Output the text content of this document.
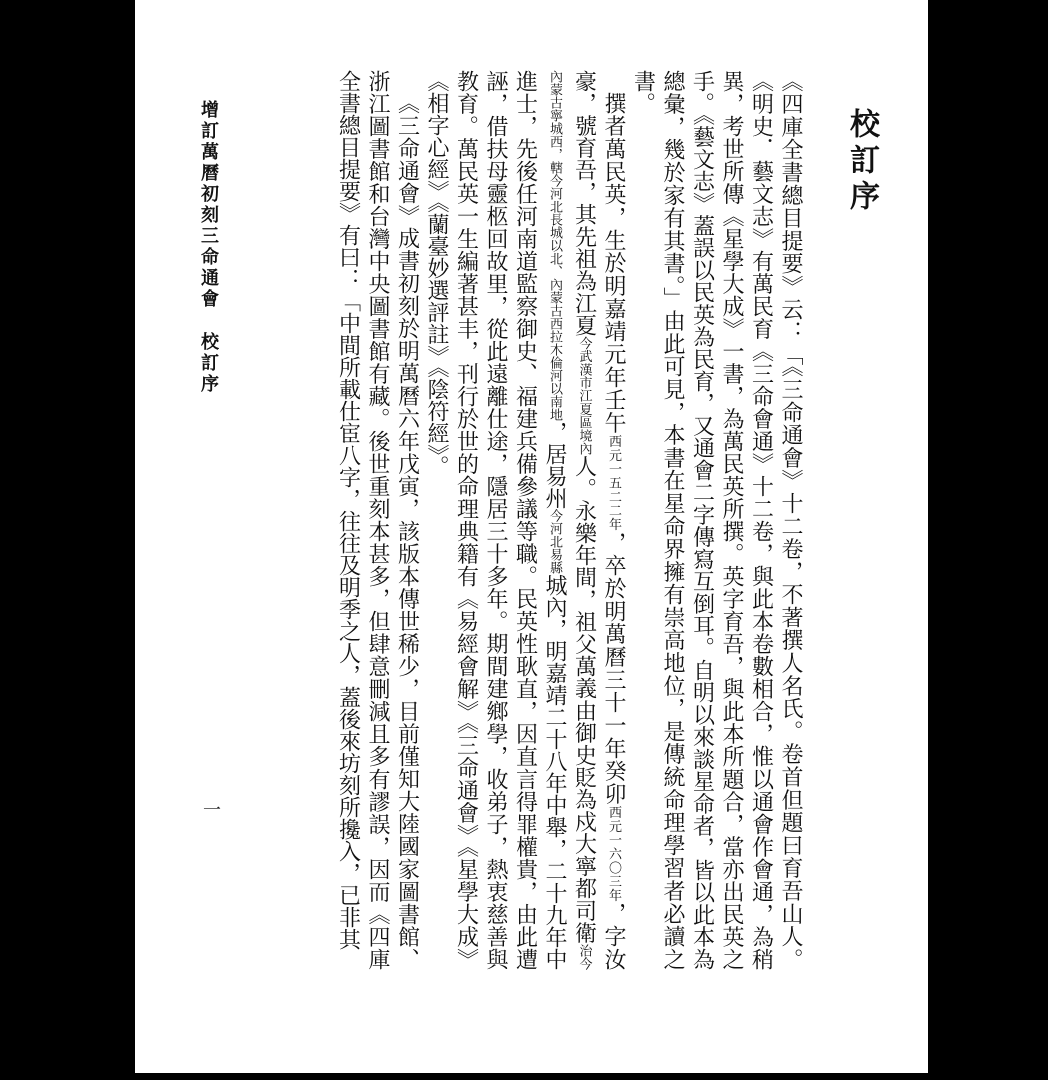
校訂序

《四庫全書總目提要》云：「《三命通會》十二卷，不著撰人名氏。卷首但題曰育吾山人。《明史．藝文志》有萬民育《三命會通》十二卷，與此本卷數相合，惟以通會作會通，為稍異，考世所傳《星學大成》一書，為萬民英所撰。英字育吾，與此本所題合，當亦出民英之手。《藝文志》蓋誤以民英為民育，又通會二字傳寫互倒耳。自明以來談星命者，皆以此本為總彙，幾於家有其書。」由此可見，本書在星命界擁有崇高地位，是傳統命理學習者必讀之書。

撰者萬民英，生於明嘉靖元年壬午西元一五二二年，卒於明萬曆三十一年癸卯西元一六〇三年，字汝豪，號育吾，其先祖為江夏今武漢市江夏區境內人。永樂年間，祖父萬義由御史貶為戍大寧都司衛治今內蒙古寧城西，轄今河北長城以北、內蒙古西拉木倫河以南地，居易州今河北易縣城內，明嘉靖二十八年中舉，二十九年中進士，先後任河南道監察御史、福建兵備參議等職。民英性耿直，因直言得罪權貴，由此遭誣，借扶母靈柩回故里，從此遠離仕途，隱居三十多年。期間建鄉學，收弟子，熱衷慈善與教育。萬民英一生編著甚丰，刊行於世的命理典籍有《易經會解》《三命通會》《星學大成》《相字心經》《蘭臺妙選評註》《陰符經》。

《三命通會》成書初刻於明萬曆六年戊寅，該版本傳世稀少，目前僅知大陸國家圖書館、浙江圖書館和台灣中央圖書館有藏。後世重刻本甚多，但肆意刪減且多有謬誤，因而《四庫全書總目提要》有曰：「中間所載仕宦八字，往往及明季之人，蓋後來坊刻所攙入，已非其

增訂萬曆初刻三命通會校訂序
一
